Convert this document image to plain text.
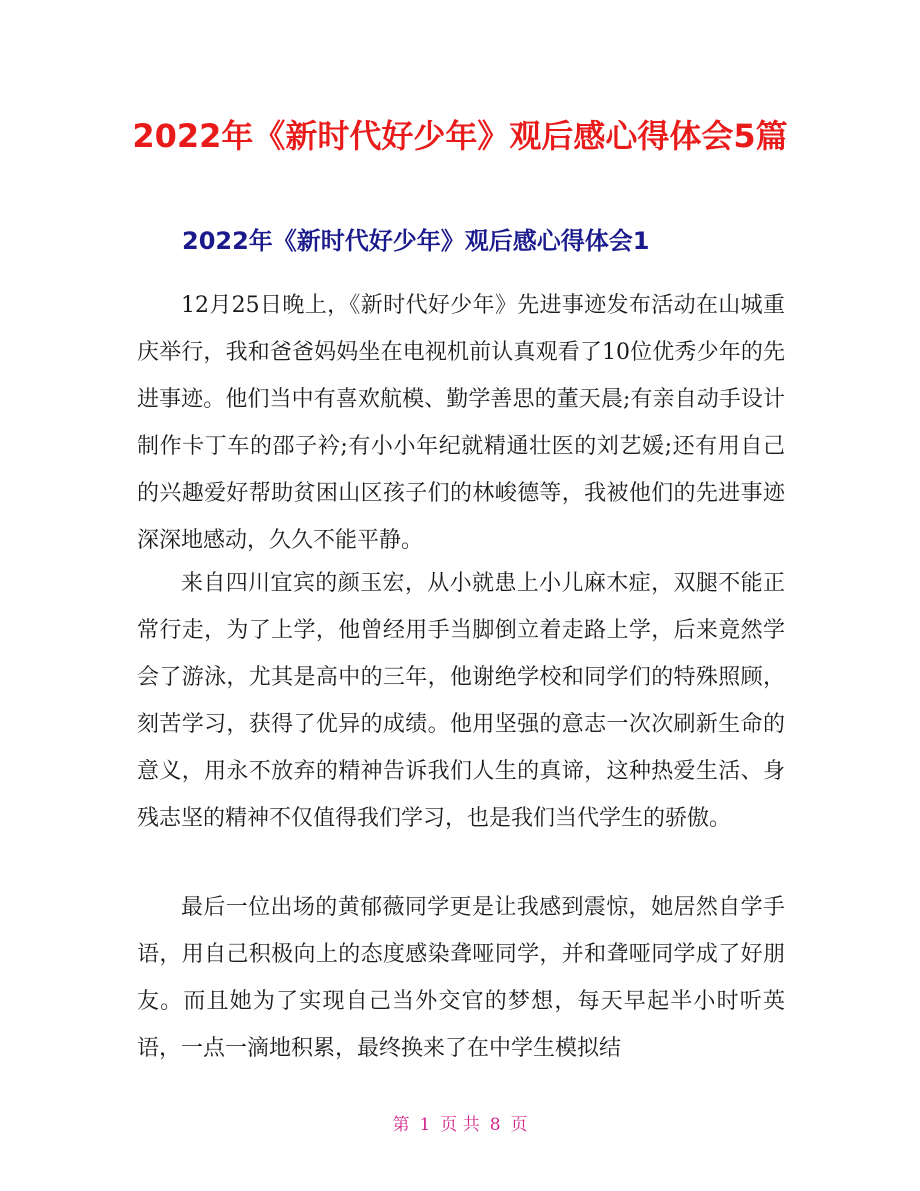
2022年《新时代好少年》观后感心得体会5篇
2022年《新时代好少年》观后感心得体会1

12月25日晚上，《新时代好少年》先进事迹发布活动在山城重庆举行，我和爸爸妈妈坐在电视机前认真观看了10位优秀少年的先进事迹。他们当中有喜欢航模、勤学善思的董天晨;有亲自动手设计制作卡丁车的邵子衿;有小小年纪就精通壮医的刘艺媛;还有用自己的兴趣爱好帮助贫困山区孩子们的林峻德等，我被他们的先进事迹深深地感动，久久不能平静。

来自四川宜宾的颜玉宏，从小就患上小儿麻木症，双腿不能正常行走，为了上学，他曾经用手当脚倒立着走路上学，后来竟然学会了游泳，尤其是高中的三年，他谢绝学校和同学们的特殊照顾，刻苦学习，获得了优异的成绩。他用坚强的意志一次次刷新生命的意义，用永不放弃的精神告诉我们人生的真谛，这种热爱生活、身残志坚的精神不仅值得我们学习，也是我们当代学生的骄傲。

最后一位出场的黄郁薇同学更是让我感到震惊，她居然自学手语，用自己积极向上的态度感染聋哑同学，并和聋哑同学成了好朋友。而且她为了实现自己当外交官的梦想，每天早起半小时听英语，一点一滴地积累，最终换来了在中学生模拟结

第 1 页 共 8 页
